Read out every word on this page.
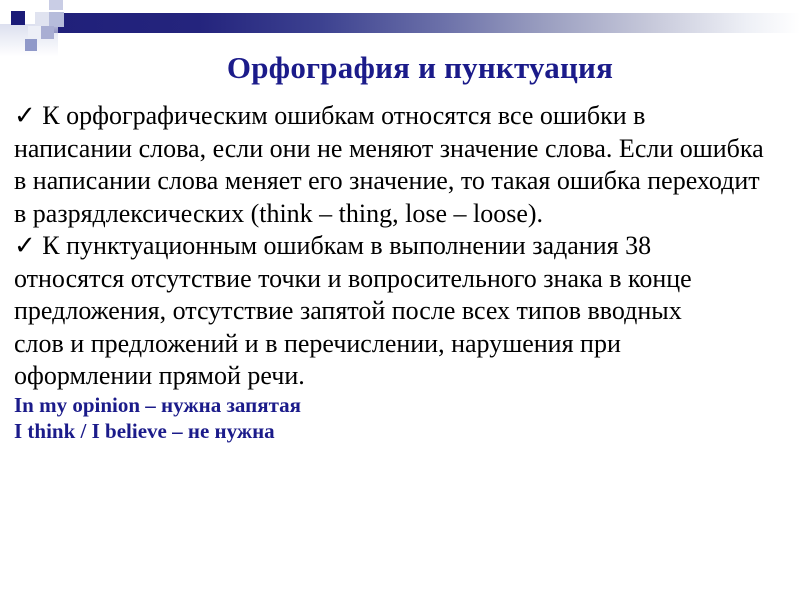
Орфография и пунктуация
✓ К орфографическим ошибкам относятся все ошибки в
написании слова, если они не меняют значение слова. Если ошибка
в написании слова меняет его значение, то такая ошибка переходит
в разрядлексических (think – thing, lose – loose).
✓ К пунктуационным ошибкам в выполнении задания 38
относятся отсутствие точки и вопросительного знака в конце
предложения, отсутствие запятой после всех типов вводных
слов и предложений и в перечислении, нарушения при
оформлении прямой речи.
In my opinion – нужна запятая
I think / I believe – не нужна
